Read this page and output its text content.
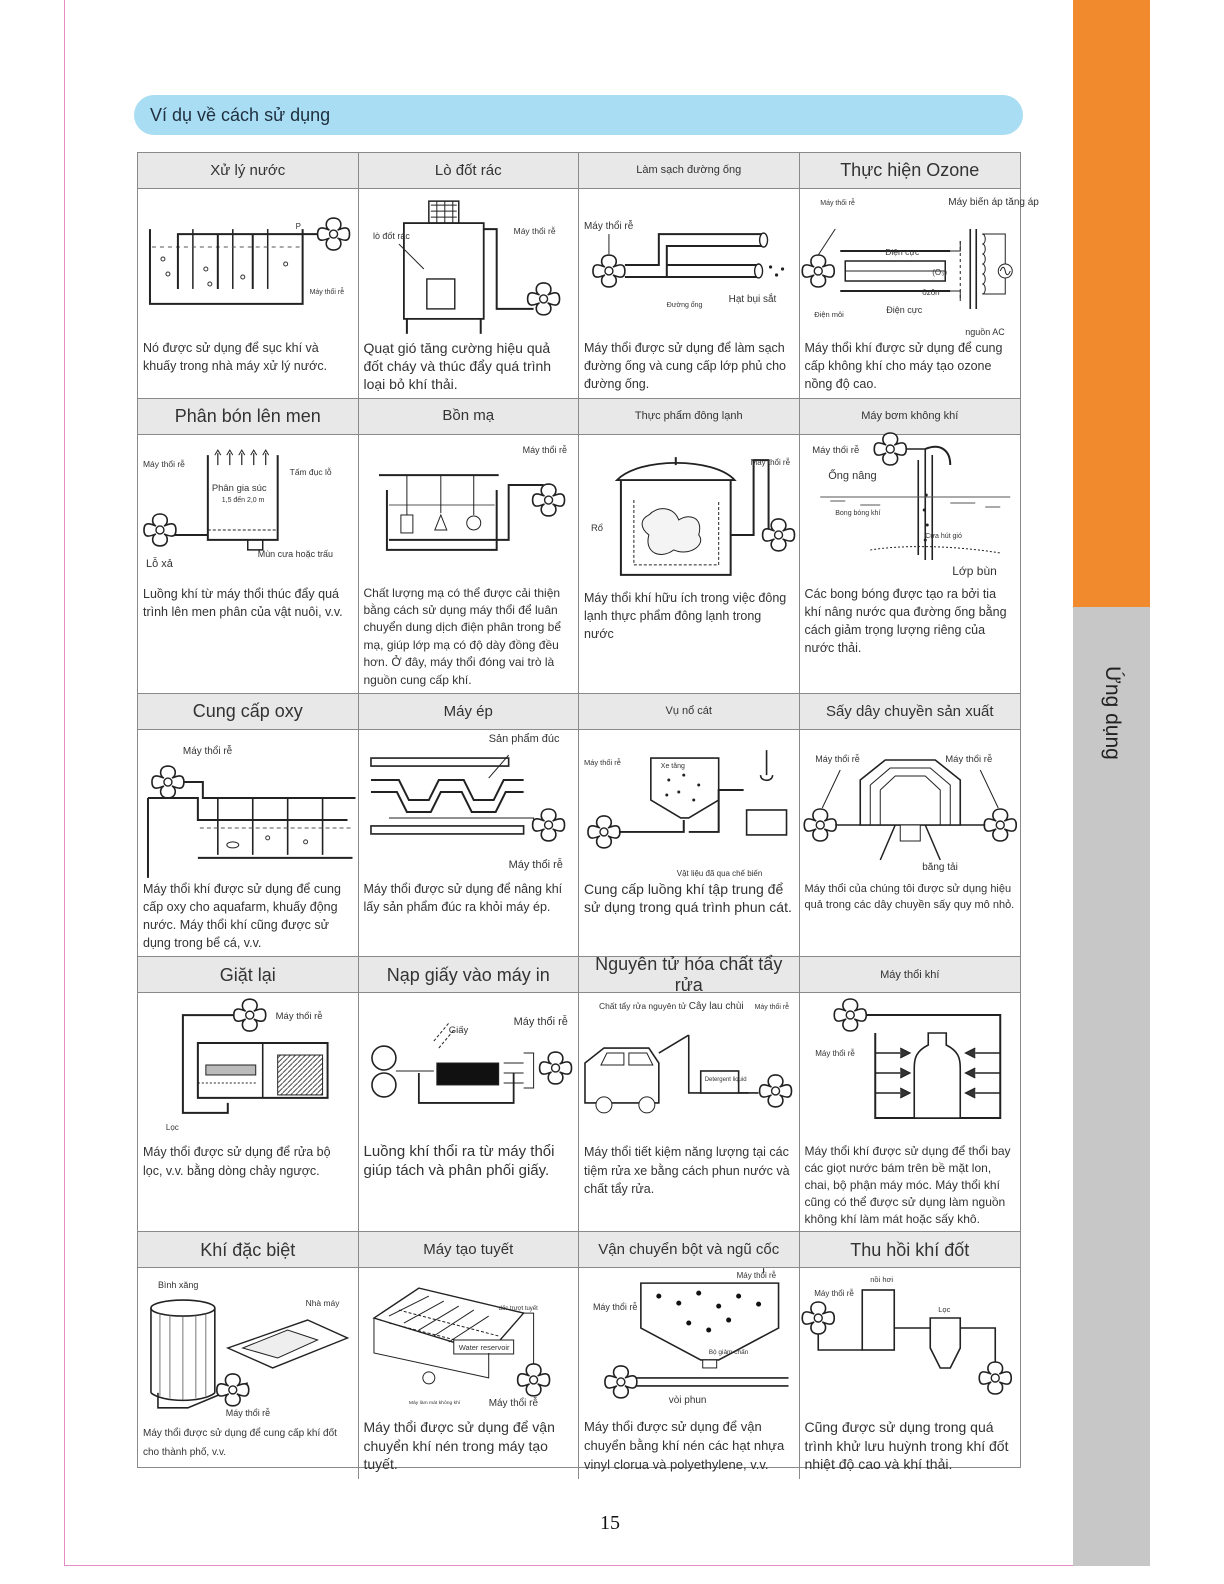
Ứng dụng
Ví dụ về cách sử dụng
Xử lý nước
P
Máy thổi rễ
Nó được sử dụng để sục khí và khuấy trong nhà máy xử lý nước.
Lò đốt rác
lò đốt rác	Máy thổi rễ
Quạt gió tăng cường hiệu quả đốt cháy và thúc đẩy quá trình loại bỏ khí thải.
Làm sạch đường ống
Máy thổi rễ
Đường ống
Hạt bụi sắt
Máy thổi được sử dụng để làm sạch đường ống và cung cấp lớp phủ cho đường ống.
Thực hiện Ozone
Máy thổi rễ	Máy biến áp tăng áp
Điện cực
(O₃)
ôzôn
Điện môi	Điện cực
nguồn AC
Máy thổi khí được sử dụng để cung cấp không khí cho máy tạo ozone nồng độ cao.
Phân bón lên men
Máy thổi rễ
Tấm đục lỗ
Phân gia súc
1,5 đến 2,0 m
Mùn cưa hoặc trấu
Lỗ xả
Luồng khí từ máy thổi thúc đẩy quá trình lên men phân của vật nuôi, v.v.
Bồn mạ
Máy thổi rễ
Chất lượng mạ có thể được cải thiện bằng cách sử dụng máy thổi để luân chuyển dung dịch điện phân trong bể mạ, giúp lớp mạ có độ dày đồng đều hơn. Ở đây, máy thổi đóng vai trò là nguồn cung cấp khí.
Thực phẩm đông lạnh
Máy thổi rễ
Rổ
Máy thổi khí hữu ích trong việc đông lạnh thực phẩm đông lạnh trong nước
Máy bơm không khí
Máy thổi rễ
Ống nâng
Bong bóng khí
Cửa hút gió
Lớp bùn
Các bong bóng được tạo ra bởi tia khí nâng nước qua đường ống bằng cách giảm trọng lượng riêng của nước thải.
Cung cấp oxy
Máy thổi rễ
Máy thổi khí được sử dụng để cung cấp oxy cho aquafarm, khuấy động nước. Máy thổi khí cũng được sử dụng trong bể cá, v.v.
Máy ép
Sản phẩm đúc
Máy thổi rễ
Máy thổi được sử dụng để nâng khí lấy sản phẩm đúc ra khỏi máy ép.
Vụ nổ cát
Máy thổi rễ	Xe tăng
Vật liệu đã qua chế biến
Cung cấp luồng khí tập trung để sử dụng trong quá trình phun cát.
Sấy dây chuyền sản xuất
Máy thổi rễ	Máy thổi rễ
băng tải
Máy thổi của chúng tôi được sử dụng hiệu quả trong các dây chuyền sấy quy mô nhỏ.
Giặt lại
Máy thổi rễ
Lọc
Máy thổi được sử dụng để rửa bộ lọc, v.v. bằng dòng chảy ngược.
Nạp giấy vào máy in
Giấy
Máy thổi rễ
Luồng khí thổi ra từ máy thổi giúp tách và phân phối giấy.
Nguyên tử hóa chất tẩy rửa
Detergent liquid
Chất tẩy rửa nguyên tử Cây lau chùi Máy thổi rễ
Máy thổi tiết kiệm năng lượng tại các tiệm rửa xe bằng cách phun nước và chất tẩy rửa.
Máy thổi khí
Máy thổi rễ
Máy thổi khí được sử dụng để thổi bay các giọt nước bám trên bề mặt lon, chai, bộ phận máy móc. Máy thổi khí cũng có thể được sử dụng làm nguồn không khí làm mát hoặc sấy khô.
Khí đặc biệt
Bình xăng
Nhà máy
Máy thổi rễ
Máy thổi được sử dụng để cung cấp khí đốt cho thành phố, v.v.
Máy tạo tuyết
Water reservoir
Máy thổi rễ
Máy làm mát không khí
dốc trượt tuyết
Máy thổi được sử dụng để vận chuyển khí nén trong máy tạo tuyết.
Vận chuyển bột và ngũ cốc
Máy thổi rễ
Máy thổi rễ
Bộ giảm chấn
vòi phun
Máy thổi được sử dụng để vận chuyển bằng khí nén các hạt nhựa vinyl clorua và polyethylene, v.v.
Thu hồi khí đốt
nồi hơi
Máy thổi rễ
Lọc
Cũng được sử dụng trong quá trình khử lưu huỳnh trong khí đốt nhiệt độ cao và khí thải.
15
